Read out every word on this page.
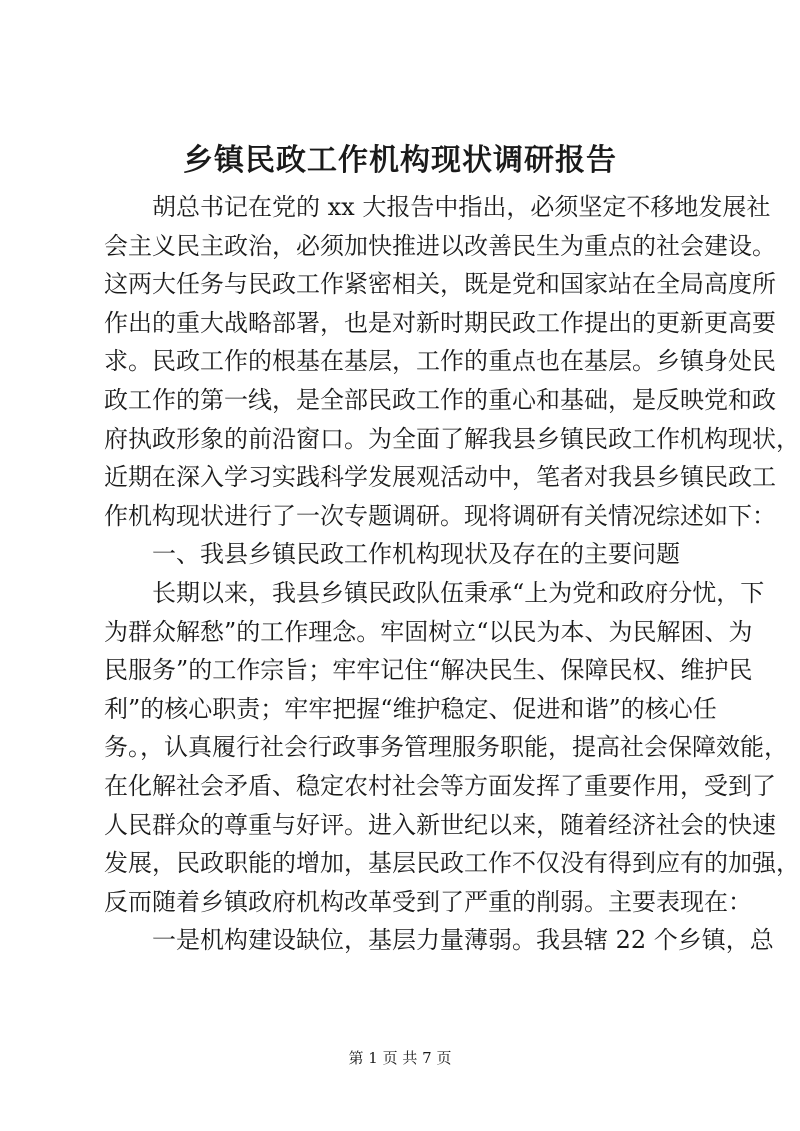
乡镇民政工作机构现状调研报告
胡总书记在党的 xx 大报告中指出，必须坚定不移地发展社
会主义民主政治，必须加快推进以改善民生为重点的社会建设。
这两大任务与民政工作紧密相关，既是党和国家站在全局高度所
作出的重大战略部署，也是对新时期民政工作提出的更新更高要
求。民政工作的根基在基层，工作的重点也在基层。乡镇身处民
政工作的第一线，是全部民政工作的重心和基础，是反映党和政
府执政形象的前沿窗口。为全面了解我县乡镇民政工作机构现状，
近期在深入学习实践科学发展观活动中，笔者对我县乡镇民政工
作机构现状进行了一次专题调研。现将调研有关情况综述如下：
一、我县乡镇民政工作机构现状及存在的主要问题
长期以来，我县乡镇民政队伍秉承“上为党和政府分忧，下
为群众解愁”的工作理念。牢固树立“以民为本、为民解困、为
民服务”的工作宗旨；牢牢记住“解决民生、保障民权、维护民
利”的核心职责；牢牢把握“维护稳定、促进和谐”的核心任
务。，认真履行社会行政事务管理服务职能，提高社会保障效能，
在化解社会矛盾、稳定农村社会等方面发挥了重要作用，受到了
人民群众的尊重与好评。进入新世纪以来，随着经济社会的快速
发展，民政职能的增加，基层民政工作不仅没有得到应有的加强，
反而随着乡镇政府机构改革受到了严重的削弱。主要表现在：
一是机构建设缺位，基层力量薄弱。我县辖 22 个乡镇，总
第 1 页 共 7 页
